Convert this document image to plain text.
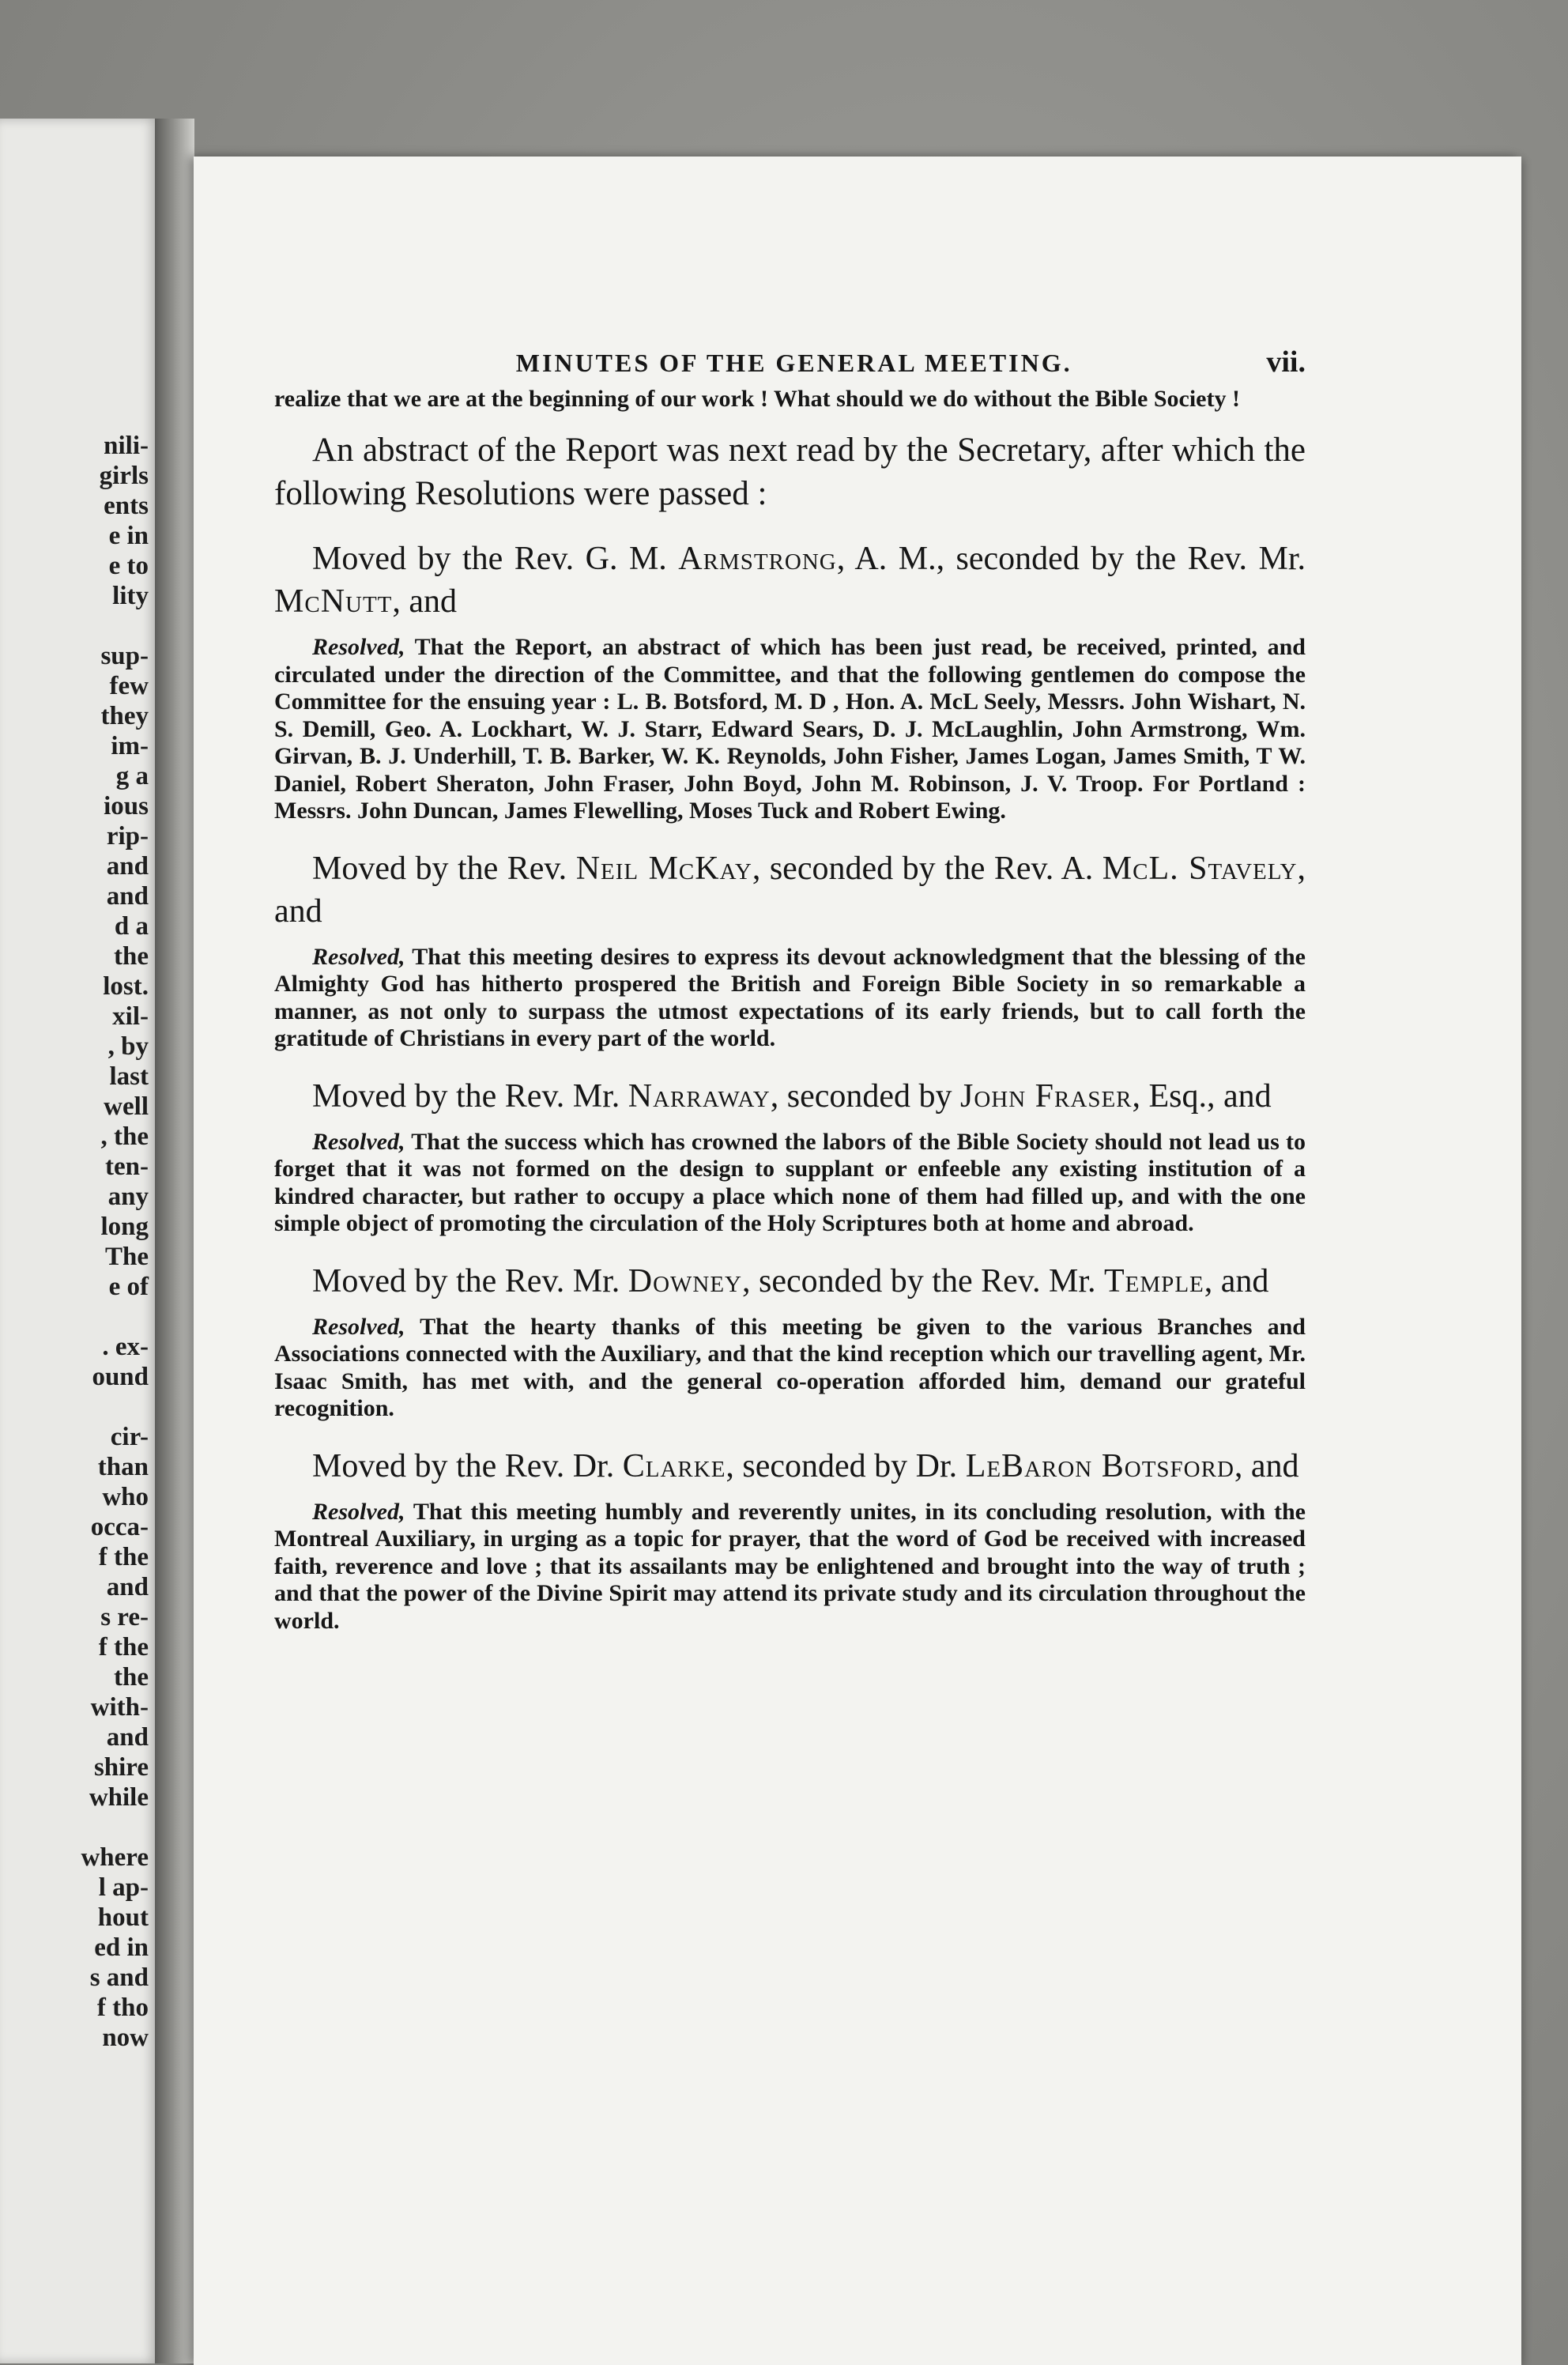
nili-
girls
ents
e in
e to
lity

sup-
few
they
im-
g a
ious
rip-
and
and
d a
the
lost.
xil-
, by
last
well
, the
ten-
any
long
The
e of

. ex-
ound

cir-
than
who
occa-
f the
and
s re-
f the
the
with-
and
shire
while

where
l ap-
hout
ed in
s and
f tho
now
MINUTES OF THE GENERAL MEETING.	vii.

realize that we are at the beginning of our work ! What should we do without the Bible Society !

An abstract of the Report was next read by the Secretary, after which the following Resolutions were passed :

Moved by the Rev. G. M. Armstrong, A. M., seconded by the Rev. Mr. McNutt, and

Resolved, That the Report, an abstract of which has been just read, be received, printed, and circulated under the direction of the Committee, and that the following gentlemen do compose the Committee for the ensuing year : L. B. Botsford, M. D , Hon. A. McL Seely, Messrs. John Wishart, N. S. Demill, Geo. A. Lockhart, W. J. Starr, Edward Sears, D. J. McLaughlin, John Armstrong, Wm. Girvan, B. J. Underhill, T. B. Barker, W. K. Reynolds, John Fisher, James Logan, James Smith, T W. Daniel, Robert Sheraton, John Fraser, John Boyd, John M. Robinson, J. V. Troop. For Portland : Messrs. John Duncan, James Flewelling, Moses Tuck and Robert Ewing.

Moved by the Rev. Neil McKay, seconded by the Rev. A. McL. Stavely, and

Resolved, That this meeting desires to express its devout acknowledgment that the blessing of the Almighty God has hitherto prospered the British and Foreign Bible Society in so remarkable a manner, as not only to surpass the utmost expectations of its early friends, but to call forth the gratitude of Christians in every part of the world.

Moved by the Rev. Mr. Narraway, seconded by John Fraser, Esq., and

Resolved, That the success which has crowned the labors of the Bible Society should not lead us to forget that it was not formed on the design to supplant or enfeeble any existing institution of a kindred character, but rather to occupy a place which none of them had filled up, and with the one simple object of promoting the circulation of the Holy Scriptures both at home and abroad.

Moved by the Rev. Mr. Downey, seconded by the Rev. Mr. Temple, and

Resolved, That the hearty thanks of this meeting be given to the various Branches and Associations connected with the Auxiliary, and that the kind reception which our travelling agent, Mr. Isaac Smith, has met with, and the general co-operation afforded him, demand our grateful recognition.

Moved by the Rev. Dr. Clarke, seconded by Dr. LeBaron Botsford, and

Resolved, That this meeting humbly and reverently unites, in its concluding resolution, with the Montreal Auxiliary, in urging as a topic for prayer, that the word of God be received with increased faith, reverence and love ; that its assailants may be enlightened and brought into the way of truth ; and that the power of the Divine Spirit may attend its private study and its circulation throughout the world.
